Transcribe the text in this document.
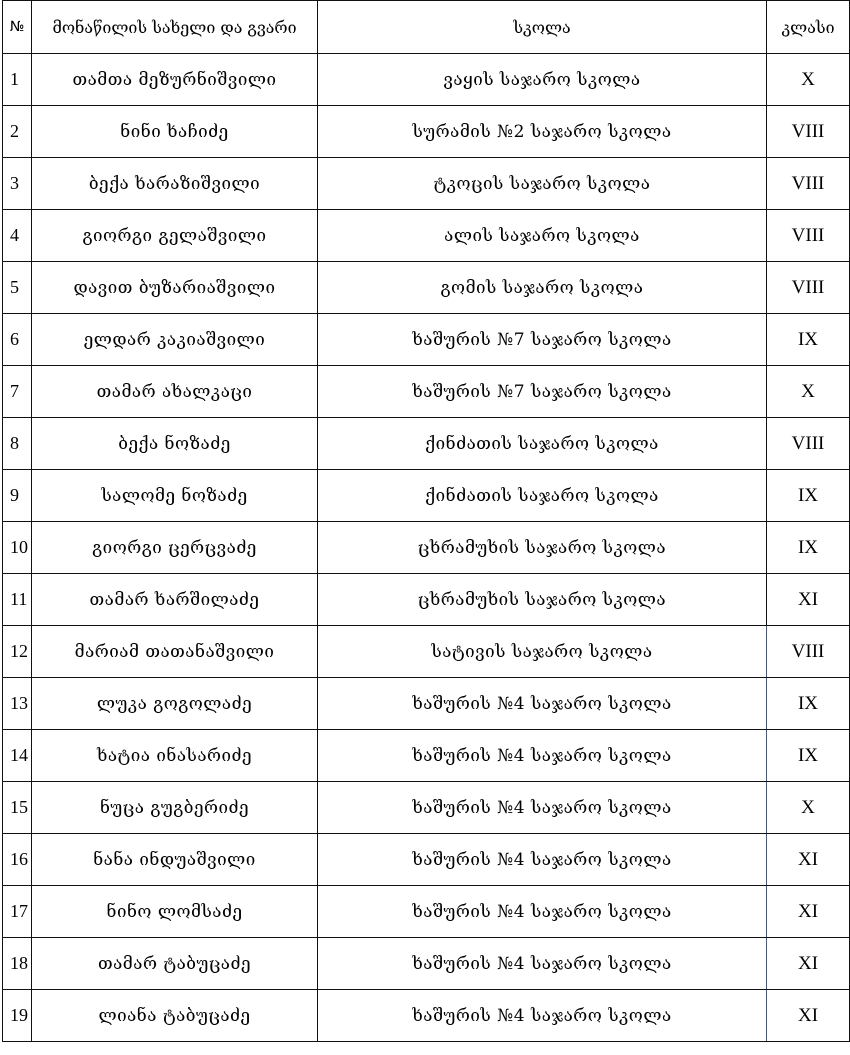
№	მონაწილის სახელი და გვარი	სკოლა	კლასი
1	თამთა მეზურნიშვილი	ვაყის საჯარო სკოლა	X
2	ნინი ხაჩიძე	სურამის №2 საჯარო სკოლა	VIII
3	ბექა ხარაზიშვილი	ტკოცის საჯარო სკოლა	VIII
4	გიორგი გელაშვილი	ალის საჯარო სკოლა	VIII
5	დავით ბუზარიაშვილი	გომის საჯარო სკოლა	VIII
6	ელდარ კაკიაშვილი	ხაშურის №7 საჯარო სკოლა	IX
7	თამარ ახალკაცი	ხაშურის №7 საჯარო სკოლა	X
8	ბექა ნოზაძე	ქინძათის საჯარო სკოლა	VIII
9	სალომე ნოზაძე	ქინძათის საჯარო სკოლა	IX
10	გიორგი ცერცვაძე	ცხრამუხის საჯარო სკოლა	IX
11	თამარ ხარშილაძე	ცხრამუხის საჯარო სკოლა	XI
12	მარიამ თათანაშვილი	სატივის საჯარო სკოლა	VIII
13	ლუკა გოგოლაძე	ხაშურის №4 საჯარო სკოლა	IX
14	ხატია ინასარიძე	ხაშურის №4 საჯარო სკოლა	IX
15	ნუცა გუგბერიძე	ხაშურის №4 საჯარო სკოლა	X
16	ნანა ინდუაშვილი	ხაშურის №4 საჯარო სკოლა	XI
17	ნინო ლომსაძე	ხაშურის №4 საჯარო სკოლა	XI
18	თამარ ტაბუცაძე	ხაშურის №4 საჯარო სკოლა	XI
19	ლიანა ტაბუცაძე	ხაშურის №4 საჯარო სკოლა	XI
